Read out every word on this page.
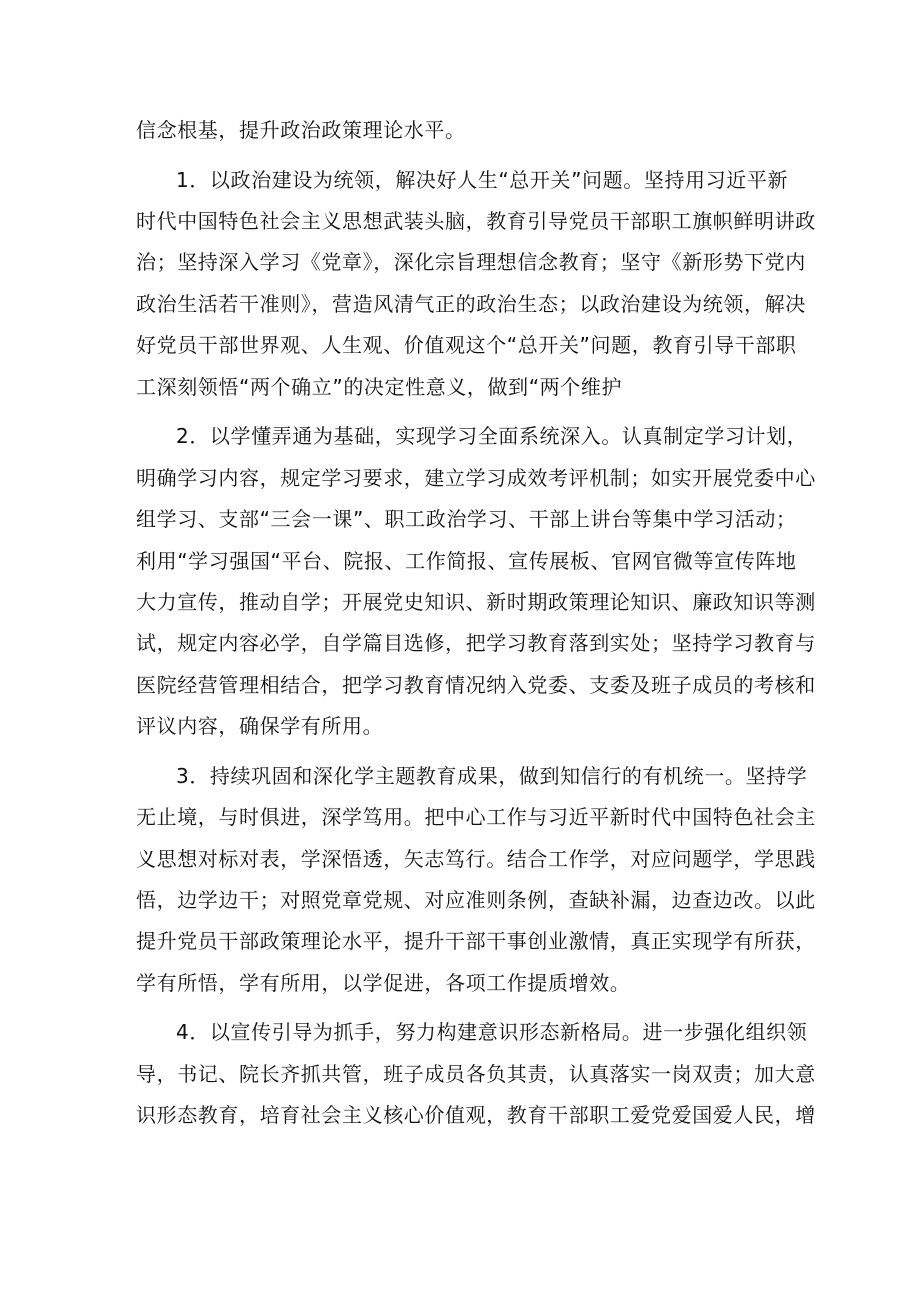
信念根基，提升政治政策理论水平。
1．以政治建设为统领，解决好人生“总开关”问题。坚持用习近平新
时代中国特色社会主义思想武装头脑，教育引导党员干部职工旗帜鲜明讲政
治；坚持深入学习《党章》，深化宗旨理想信念教育；坚守《新形势下党内
政治生活若干准则》，营造风清气正的政治生态；以政治建设为统领，解决
好党员干部世界观、人生观、价值观这个“总开关”问题，教育引导干部职
工深刻领悟“两个确立”的决定性意义，做到“两个维护
2．以学懂弄通为基础，实现学习全面系统深入。认真制定学习计划，
明确学习内容，规定学习要求，建立学习成效考评机制；如实开展党委中心
组学习、支部“三会一课”、职工政治学习、干部上讲台等集中学习活动；
利用“学习强国“平台、院报、工作简报、宣传展板、官网官微等宣传阵地
大力宣传，推动自学；开展党史知识、新时期政策理论知识、廉政知识等测
试，规定内容必学，自学篇目选修，把学习教育落到实处；坚持学习教育与
医院经营管理相结合，把学习教育情况纳入党委、支委及班子成员的考核和
评议内容，确保学有所用。
3．持续巩固和深化学主题教育成果，做到知信行的有机统一。坚持学
无止境，与时俱进，深学笃用。把中心工作与习近平新时代中国特色社会主
义思想对标对表，学深悟透，矢志笃行。结合工作学，对应问题学，学思践
悟，边学边干；对照党章党规、对应准则条例，查缺补漏，边查边改。以此
提升党员干部政策理论水平，提升干部干事创业激情，真正实现学有所获，
学有所悟，学有所用，以学促进，各项工作提质增效。
4．以宣传引导为抓手，努力构建意识形态新格局。进一步强化组织领
导，书记、院长齐抓共管，班子成员各负其责，认真落实一岗双责；加大意
识形态教育，培育社会主义核心价值观，教育干部职工爱党爱国爱人民，增
